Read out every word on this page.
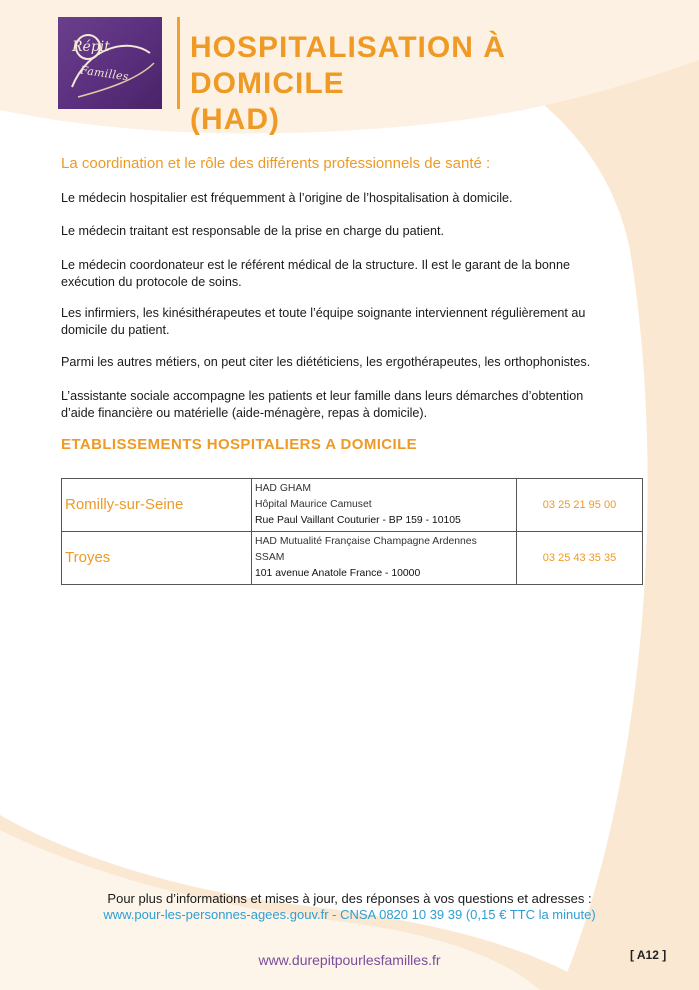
Répit
Familles
HOSPITALISATION À DOMICILE
(HAD)

La coordination et le rôle des différents professionnels de santé :

Le médecin hospitalier est fréquemment à l’origine de l’hospitalisation à domicile.

Le médecin traitant est responsable de la prise en charge du patient.

Le médecin coordonateur est le référent médical de la structure. Il est le garant de la bonne exécution du protocole de soins.

Les infirmiers, les kinésithérapeutes et toute l’équipe soignante interviennent régulièrement au domicile du patient.

Parmi les autres métiers, on peut citer les diététiciens, les ergothérapeutes, les orthophonistes.

L’assistante sociale accompagne les patients et leur famille dans leurs démarches d’obtention d’aide financière ou matérielle (aide-ménagère, repas à domicile).

ETABLISSEMENTS HOSPITALIERS A DOMICILE
Romilly-sur-Seine	HAD GHAM
Hôpital Maurice Camuset
Rue Paul Vaillant Couturier - BP 159 - 10105	03 25 21 95 00
Troyes	HAD Mutualité Française Champagne Ardennes
SSAM
101 avenue Anatole France - 10000	03 25 43 35 35
Pour plus d’informations et mises à jour, des réponses à vos questions et adresses :
www.pour-les-personnes-agees.gouv.fr - CNSA 0820 10 39 39 (0,15 € TTC la minute)
www.durepitpourlesfamilles.fr	[ A12 ]
